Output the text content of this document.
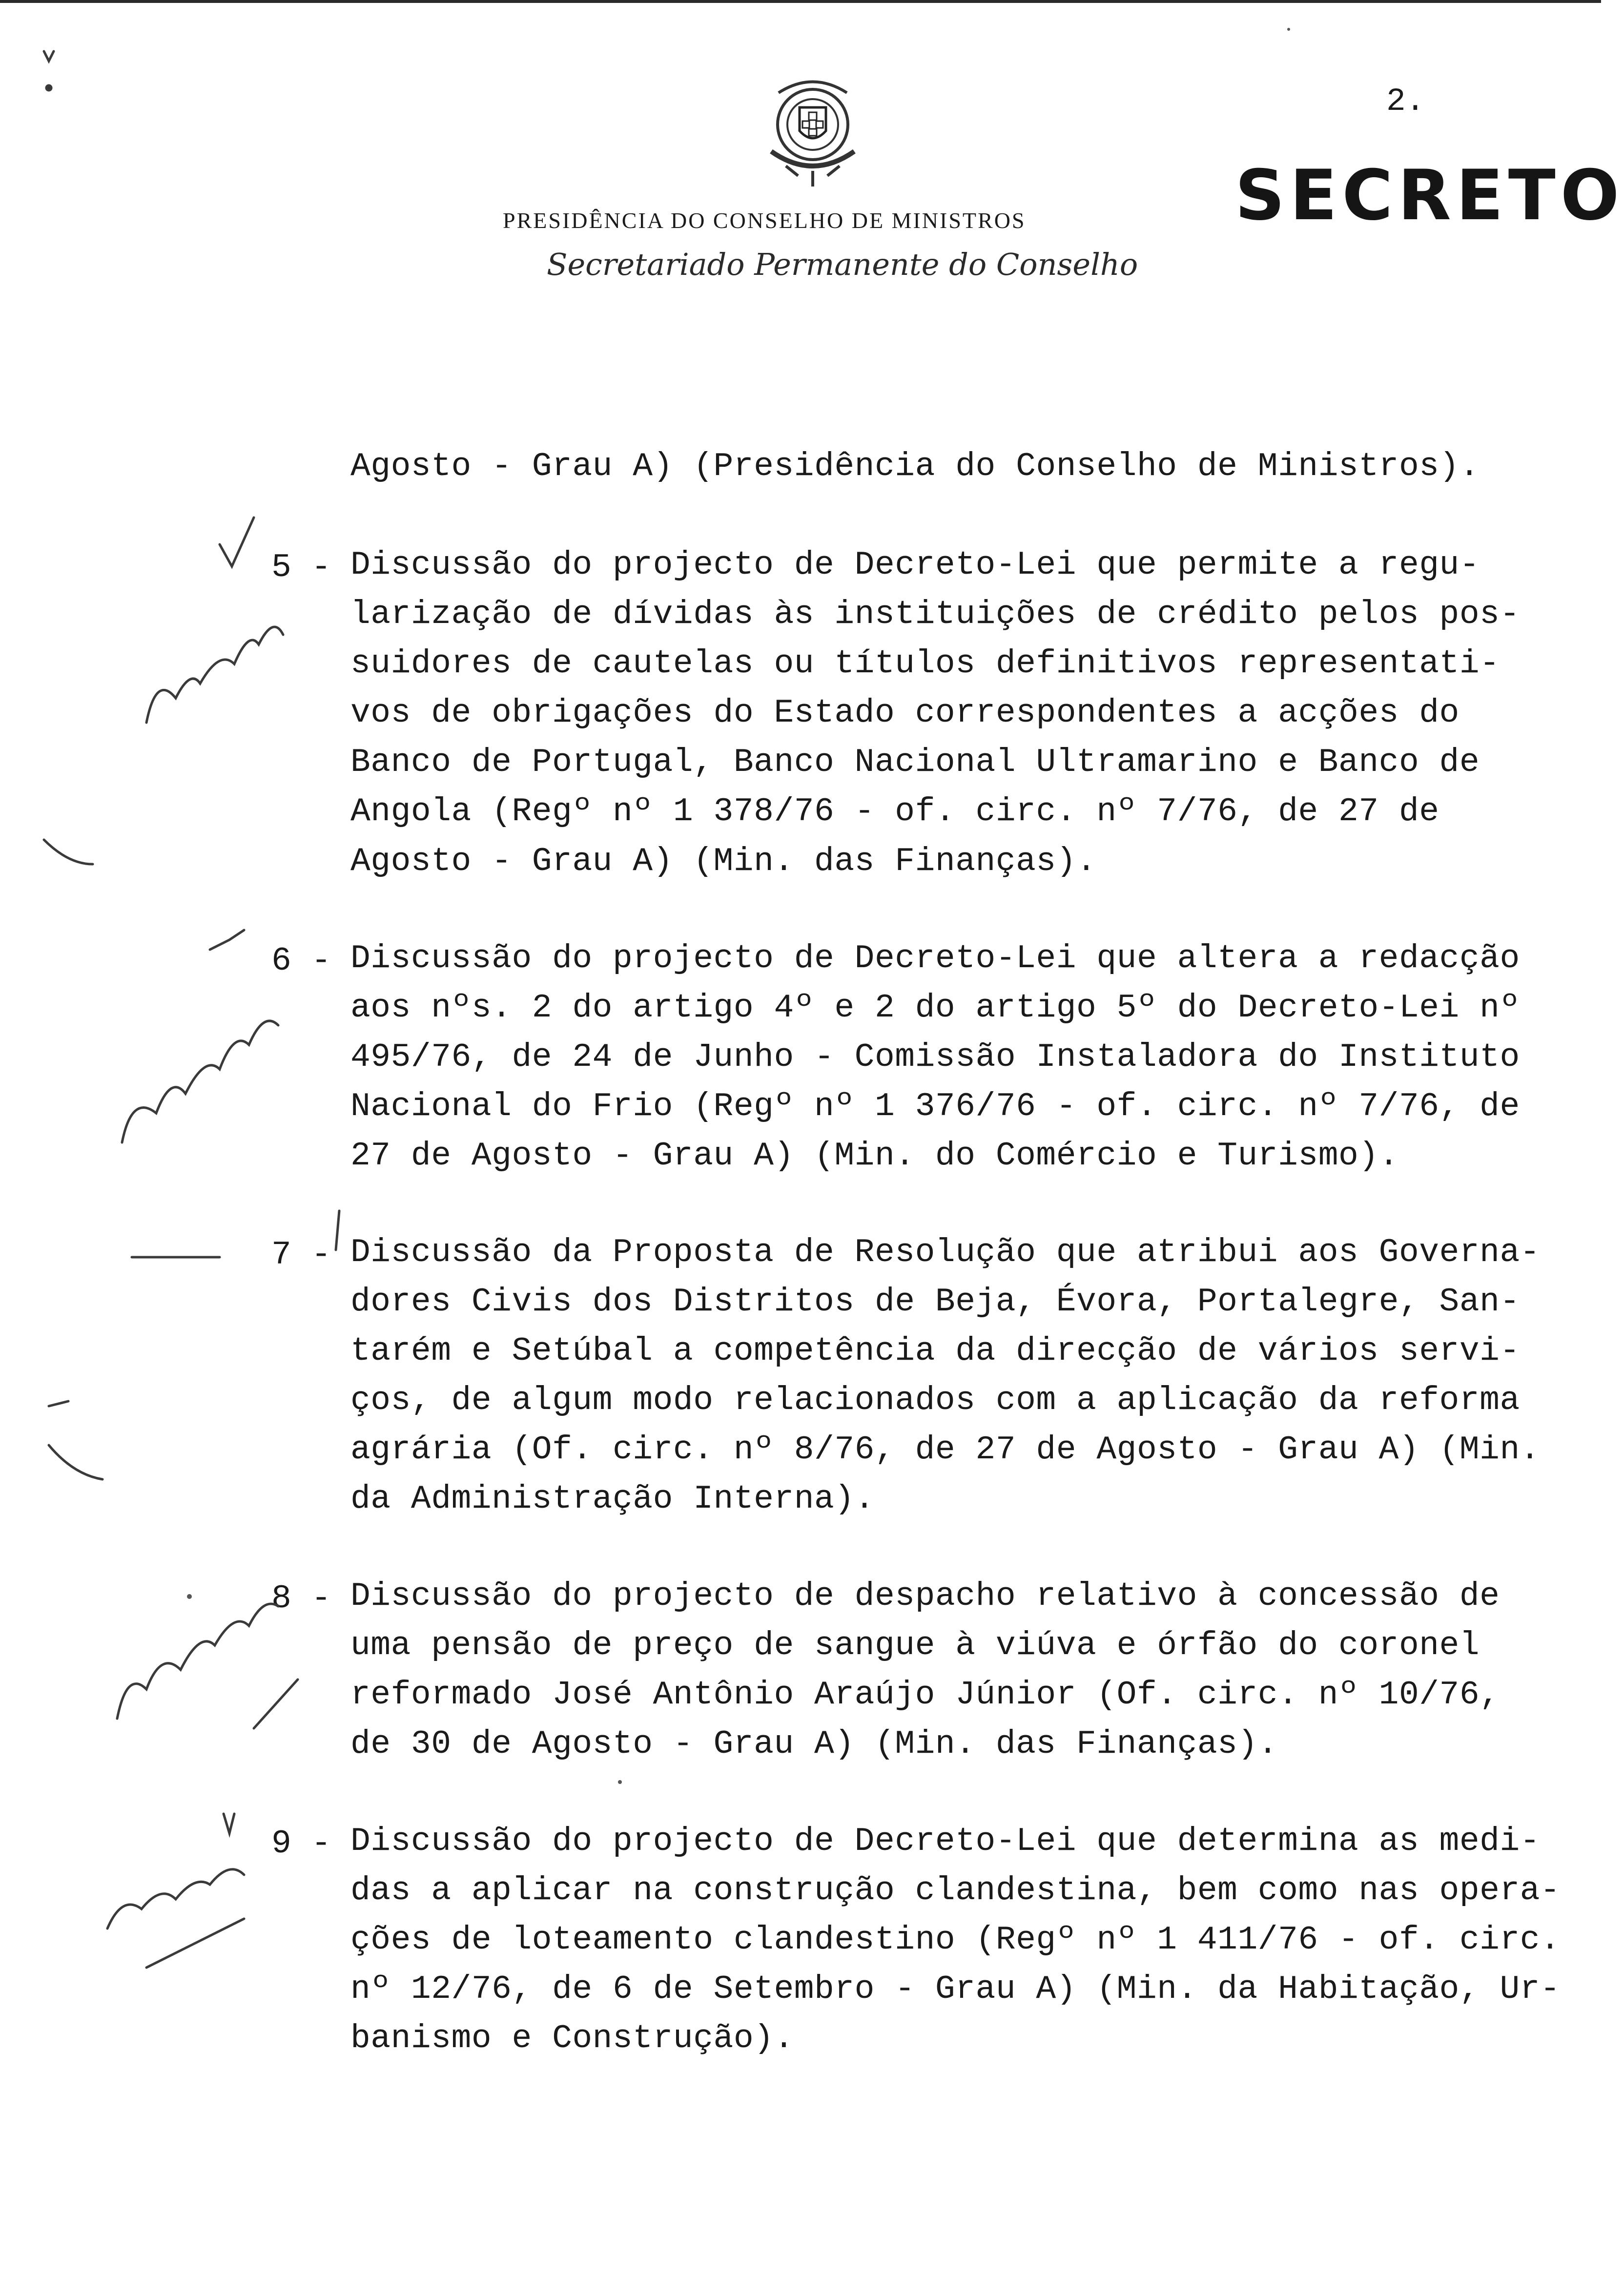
2.
SECRETO
PRESIDÊNCIA DO CONSELHO DE MINISTROS
Secretariado Permanente do Conselho
Agosto - Grau A) (Presidência do Conselho de Ministros).
5 - Discussão do projecto de Decreto-Lei que permite a regu-
larização de dívidas às instituições de crédito pelos pos-
suidores de cautelas ou títulos definitivos representati-
vos de obrigações do Estado correspondentes a acções do
Banco de Portugal, Banco Nacional Ultramarino e Banco de
Angola (Regº nº 1 378/76 - of. circ. nº 7/76, de 27 de
Agosto - Grau A) (Min. das Finanças).
6 - Discussão do projecto de Decreto-Lei que altera a redacção
aos nºs. 2 do artigo 4º e 2 do artigo 5º do Decreto-Lei nº
495/76, de 24 de Junho - Comissão Instaladora do Instituto
Nacional do Frio (Regº nº 1 376/76 - of. circ. nº 7/76, de
27 de Agosto - Grau A) (Min. do Comércio e Turismo).
7 - Discussão da Proposta de Resolução que atribui aos Governa-
dores Civis dos Distritos de Beja, Évora, Portalegre, San-
tarém e Setúbal a competência da direcção de vários servi-
ços, de algum modo relacionados com a aplicação da reforma
agrária (Of. circ. nº 8/76, de 27 de Agosto - Grau A) (Min.
da Administração Interna).
8 - Discussão do projecto de despacho relativo à concessão de
uma pensão de preço de sangue à viúva e órfão do coronel
reformado José Antônio Araújo Júnior (Of. circ. nº 10/76,
de 30 de Agosto - Grau A) (Min. das Finanças).
9 - Discussão do projecto de Decreto-Lei que determina as medi-
das a aplicar na construção clandestina, bem como nas opera-
ções de loteamento clandestino (Regº nº 1 411/76 - of. circ.
nº 12/76, de 6 de Setembro - Grau A) (Min. da Habitação, Ur-
banismo e Construção).
